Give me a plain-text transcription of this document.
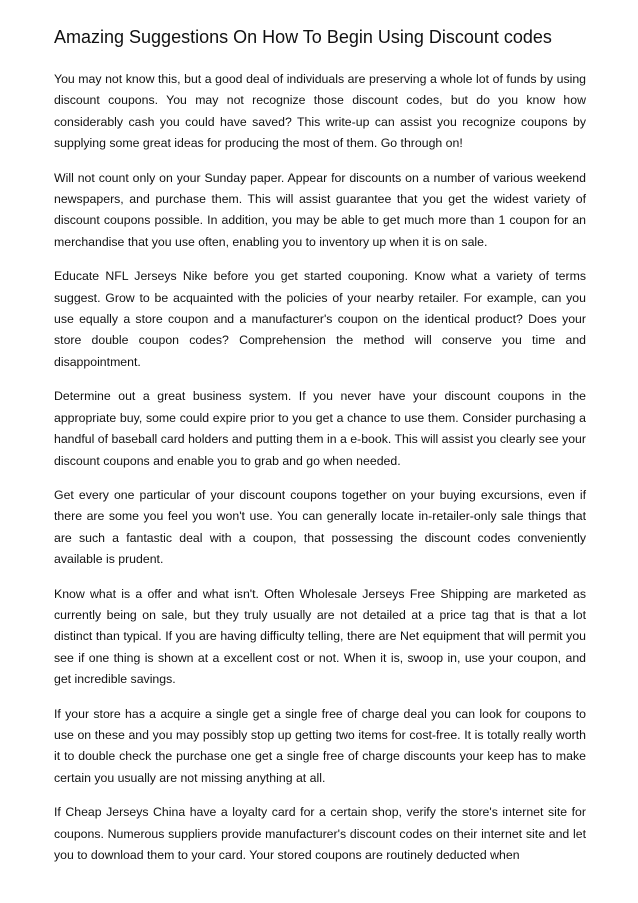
Amazing Suggestions On How To Begin Using Discount codes

You may not know this, but a good deal of individuals are preserving a whole lot of funds by using discount coupons. You may not recognize those discount codes, but do you know how considerably cash you could have saved? This write-up can assist you recognize coupons by supplying some great ideas for producing the most of them. Go through on!

Will not count only on your Sunday paper. Appear for discounts on a number of various weekend newspapers, and purchase them. This will assist guarantee that you get the widest variety of discount coupons possible. In addition, you may be able to get much more than 1 coupon for an merchandise that you use often, enabling you to inventory up when it is on sale.

Educate NFL Jerseys Nike before you get started couponing. Know what a variety of terms suggest. Grow to be acquainted with the policies of your nearby retailer. For example, can you use equally a store coupon and a manufacturer's coupon on the identical product? Does your store double coupon codes? Comprehension the method will conserve you time and disappointment.

Determine out a great business system. If you never have your discount coupons in the appropriate buy, some could expire prior to you get a chance to use them. Consider purchasing a handful of baseball card holders and putting them in a e-book. This will assist you clearly see your discount coupons and enable you to grab and go when needed.

Get every one particular of your discount coupons together on your buying excursions, even if there are some you feel you won't use. You can generally locate in-retailer-only sale things that are such a fantastic deal with a coupon, that possessing the discount codes conveniently available is prudent.

Know what is a offer and what isn't. Often Wholesale Jerseys Free Shipping are marketed as currently being on sale, but they truly usually are not detailed at a price tag that is that a lot distinct than typical. If you are having difficulty telling, there are Net equipment that will permit you see if one thing is shown at a excellent cost or not. When it is, swoop in, use your coupon, and get incredible savings.

If your store has a acquire a single get a single free of charge deal you can look for coupons to use on these and you may possibly stop up getting two items for cost-free. It is totally really worth it to double check the purchase one get a single free of charge discounts your keep has to make certain you usually are not missing anything at all.

If Cheap Jerseys China have a loyalty card for a certain shop, verify the store's internet site for coupons. Numerous suppliers provide manufacturer's discount codes on their internet site and let you to download them to your card. Your stored coupons are routinely deducted when
